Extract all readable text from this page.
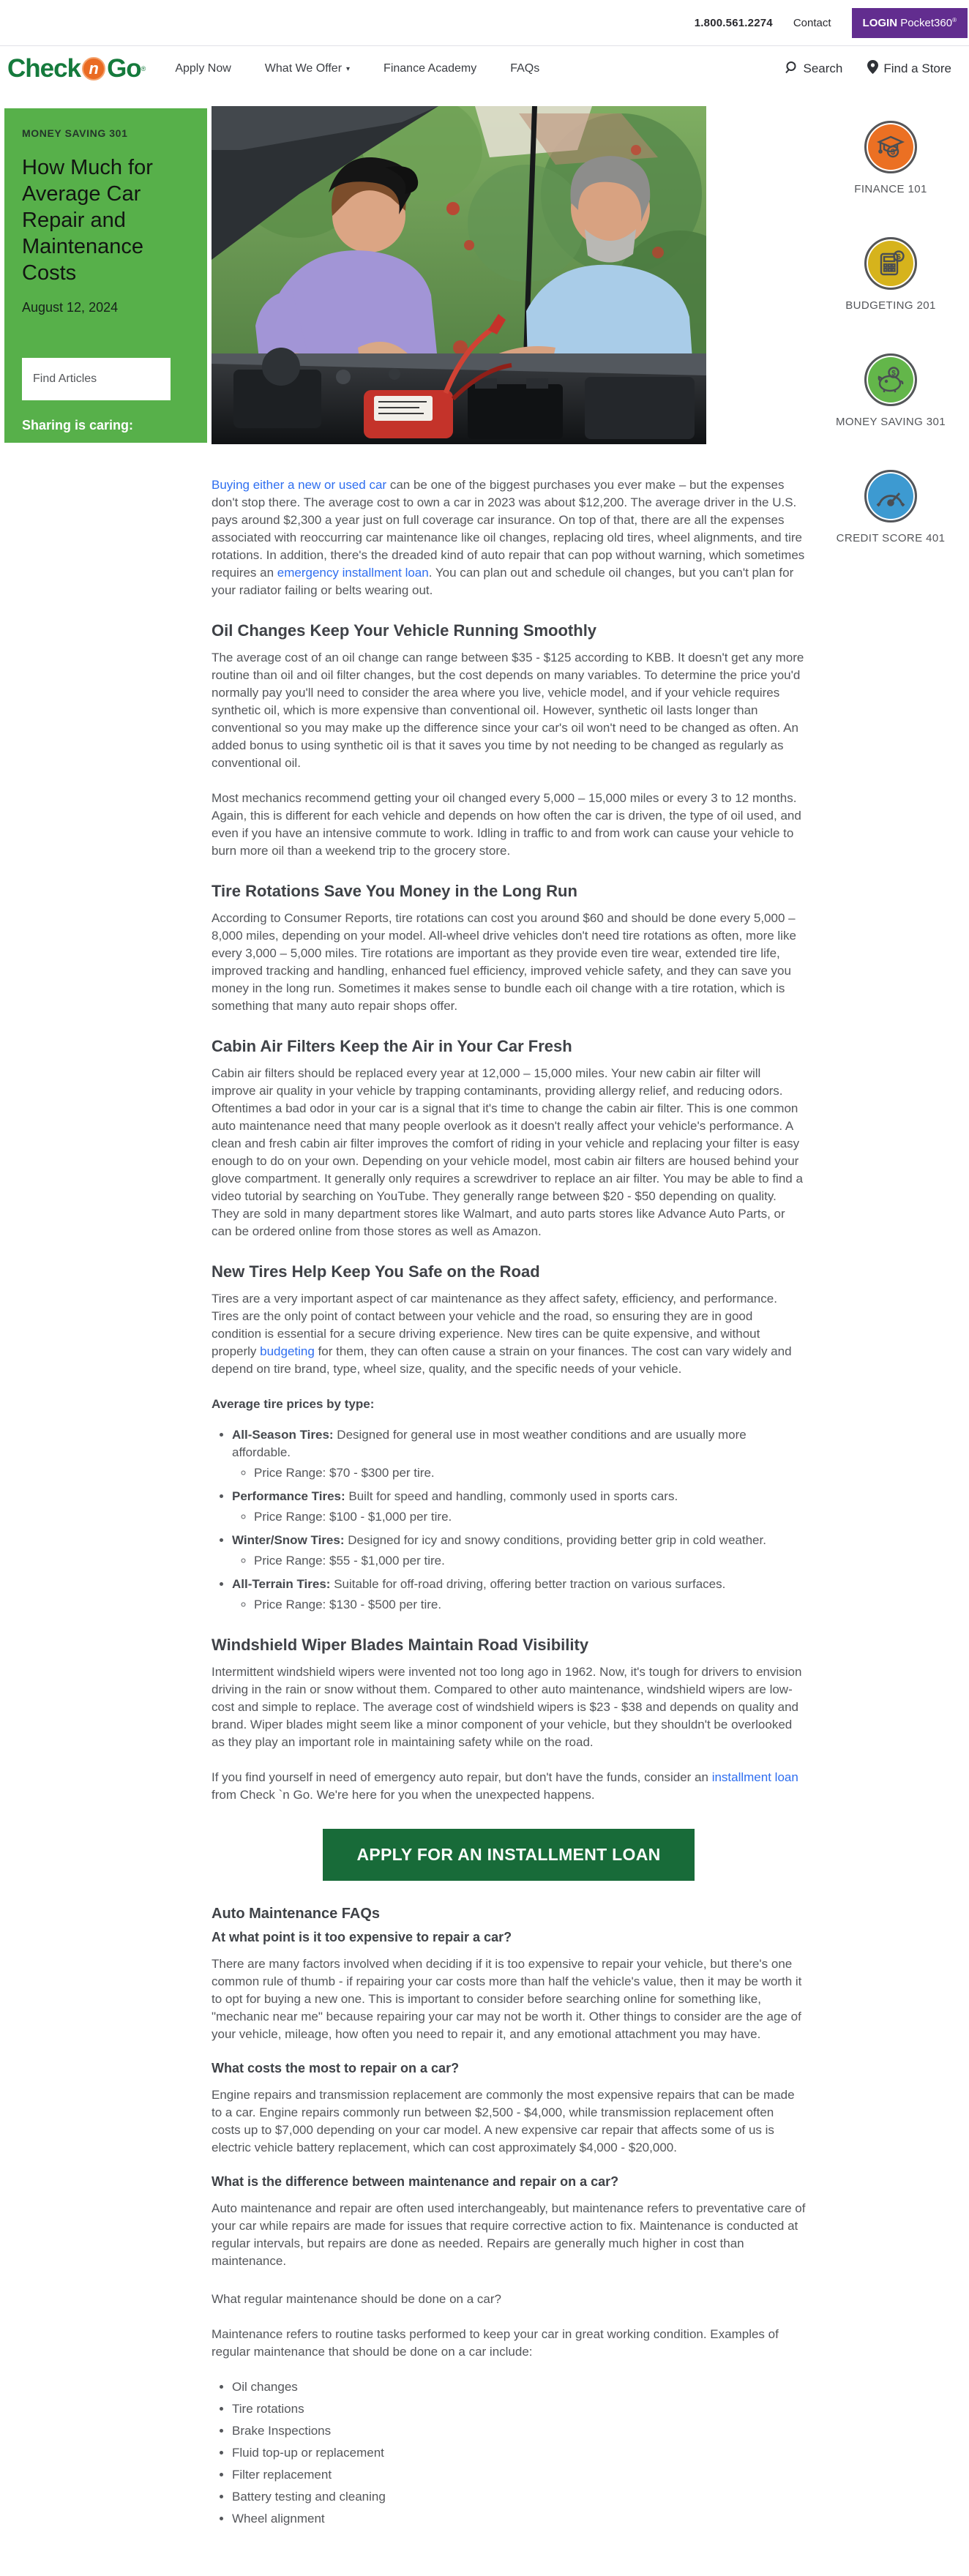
1.800.561.2274 Contact	LOGIN Pocket360®
Check n Go ®	Apply Now	What We Offer ▾	Finance Academy	FAQs	Search	Find a Store
MONEY SAVING 301
How Much for Average Car Repair and Maintenance Costs
August 12, 2024
Find Articles
Sharing is caring:

Buying either a new or used car can be one of the biggest purchases you ever make – but the expenses don't stop there. The average cost to own a car in 2023 was about $12,200. The average driver in the U.S. pays around $2,300 a year just on full coverage car insurance. On top of that, there are all the expenses associated with reoccurring car maintenance like oil changes, replacing old tires, wheel alignments, and tire rotations. In addition, there's the dreaded kind of auto repair that can pop without warning, which sometimes requires an emergency installment loan. You can plan out and schedule oil changes, but you can't plan for your radiator failing or belts wearing out.

Oil Changes Keep Your Vehicle Running Smoothly

The average cost of an oil change can range between $35 - $125 according to KBB. It doesn't get any more routine than oil and oil filter changes, but the cost depends on many variables. To determine the price you'd normally pay you'll need to consider the area where you live, vehicle model, and if your vehicle requires synthetic oil, which is more expensive than conventional oil. However, synthetic oil lasts longer than conventional so you may make up the difference since your car's oil won't need to be changed as often. An added bonus to using synthetic oil is that it saves you time by not needing to be changed as regularly as conventional oil.

Most mechanics recommend getting your oil changed every 5,000 – 15,000 miles or every 3 to 12 months. Again, this is different for each vehicle and depends on how often the car is driven, the type of oil used, and even if you have an intensive commute to work. Idling in traffic to and from work can cause your vehicle to burn more oil than a weekend trip to the grocery store.

Tire Rotations Save You Money in the Long Run

According to Consumer Reports, tire rotations can cost you around $60 and should be done every 5,000 – 8,000 miles, depending on your model. All-wheel drive vehicles don't need tire rotations as often, more like every 3,000 – 5,000 miles. Tire rotations are important as they provide even tire wear, extended tire life, improved tracking and handling, enhanced fuel efficiency, improved vehicle safety, and they can save you money in the long run. Sometimes it makes sense to bundle each oil change with a tire rotation, which is something that many auto repair shops offer.

Cabin Air Filters Keep the Air in Your Car Fresh

Cabin air filters should be replaced every year at 12,000 – 15,000 miles. Your new cabin air filter will improve air quality in your vehicle by trapping contaminants, providing allergy relief, and reducing odors. Oftentimes a bad odor in your car is a signal that it's time to change the cabin air filter. This is one common auto maintenance need that many people overlook as it doesn't really affect your vehicle's performance. A clean and fresh cabin air filter improves the comfort of riding in your vehicle and replacing your filter is easy enough to do on your own. Depending on your vehicle model, most cabin air filters are housed behind your glove compartment. It generally only requires a screwdriver to replace an air filter. You may be able to find a video tutorial by searching on YouTube. They generally range between $20 - $50 depending on quality. They are sold in many department stores like Walmart, and auto parts stores like Advance Auto Parts, or can be ordered online from those stores as well as Amazon.

New Tires Help Keep You Safe on the Road

Tires are a very important aspect of car maintenance as they affect safety, efficiency, and performance. Tires are the only point of contact between your vehicle and the road, so ensuring they are in good condition is essential for a secure driving experience. New tires can be quite expensive, and without properly budgeting for them, they can often cause a strain on your finances. The cost can vary widely and depend on tire brand, type, wheel size, quality, and the specific needs of your vehicle.

Average tire prices by type:

• All-Season Tires: Designed for general use in most weather conditions and are usually more affordable.
◦ Price Range: $70 - $300 per tire.
• Performance Tires: Built for speed and handling, commonly used in sports cars.
◦ Price Range: $100 - $1,000 per tire.
• Winter/Snow Tires: Designed for icy and snowy conditions, providing better grip in cold weather.
◦ Price Range: $55 - $1,000 per tire.
• All-Terrain Tires: Suitable for off-road driving, offering better traction on various surfaces.
◦ Price Range: $130 - $500 per tire.
Windshield Wiper Blades Maintain Road Visibility

Intermittent windshield wipers were invented not too long ago in 1962. Now, it's tough for drivers to envision driving in the rain or snow without them. Compared to other auto maintenance, windshield wipers are low-cost and simple to replace. The average cost of windshield wipers is $23 - $38 and depends on quality and brand. Wiper blades might seem like a minor component of your vehicle, but they shouldn't be overlooked as they play an important role in maintaining safety while on the road.

If you find yourself in need of emergency auto repair, but don't have the funds, consider an installment loan from Check `n Go. We're here for you when the unexpected happens.

APPLY FOR AN INSTALLMENT LOAN
Auto Maintenance FAQs
At what point is it too expensive to repair a car?

There are many factors involved when deciding if it is too expensive to repair your vehicle, but there's one common rule of thumb - if repairing your car costs more than half the vehicle's value, then it may be worth it to opt for buying a new one. This is important to consider before searching online for something like, "mechanic near me" because repairing your car may not be worth it. Other things to consider are the age of your vehicle, mileage, how often you need to repair it, and any emotional attachment you may have.

What costs the most to repair on a car?

Engine repairs and transmission replacement are commonly the most expensive repairs that can be made to a car. Engine repairs commonly run between $2,500 - $4,000, while transmission replacement often costs up to $7,000 depending on your car model. A new expensive car repair that affects some of us is electric vehicle battery replacement, which can cost approximately $4,000 - $20,000.

What is the difference between maintenance and repair on a car?

Auto maintenance and repair are often used interchangeably, but maintenance refers to preventative care of your car while repairs are made for issues that require corrective action to fix. Maintenance is conducted at regular intervals, but repairs are done as needed. Repairs are generally much higher in cost than maintenance.

What regular maintenance should be done on a car?

Maintenance refers to routine tasks performed to keep your car in great working condition. Examples of regular maintenance that should be done on a car include:

• Oil changes
• Tire rotations
• Brake Inspections
• Fluid top-up or replacement
• Filter replacement
• Battery testing and cleaning
• Wheel alignment
$
FINANCE 101
$
BUDGETING 201
$
MONEY SAVING 301
CREDIT SCORE 401
